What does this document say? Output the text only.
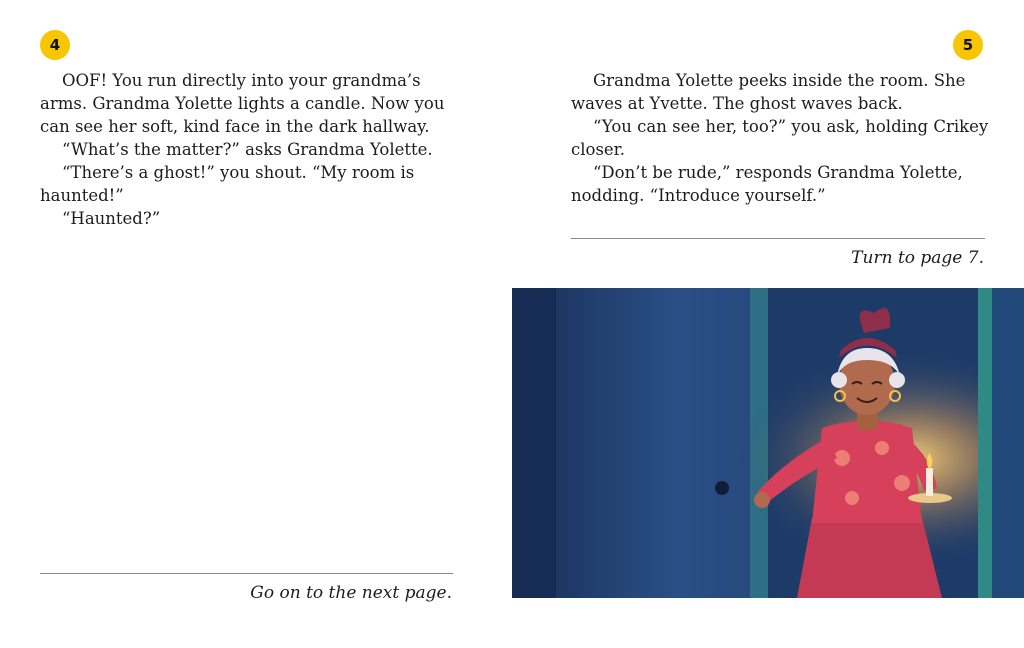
4

OOF! You run directly into your grandma’s arms. Grandma Yolette lights a candle. Now you can see her soft, kind face in the dark hallway.

“What’s the matter?” asks Grandma Yolette.

“There’s a ghost!” you shout. “My room is haunted!”

“Haunted?”

Go on to the next page.
5

Grandma Yolette peeks inside the room. She waves at Yvette. The ghost waves back.

“You can see her, too?” you ask, holding Crikey closer.

“Don’t be rude,” responds Grandma Yolette, nodding. “Introduce yourself.”

Turn to page 7.
